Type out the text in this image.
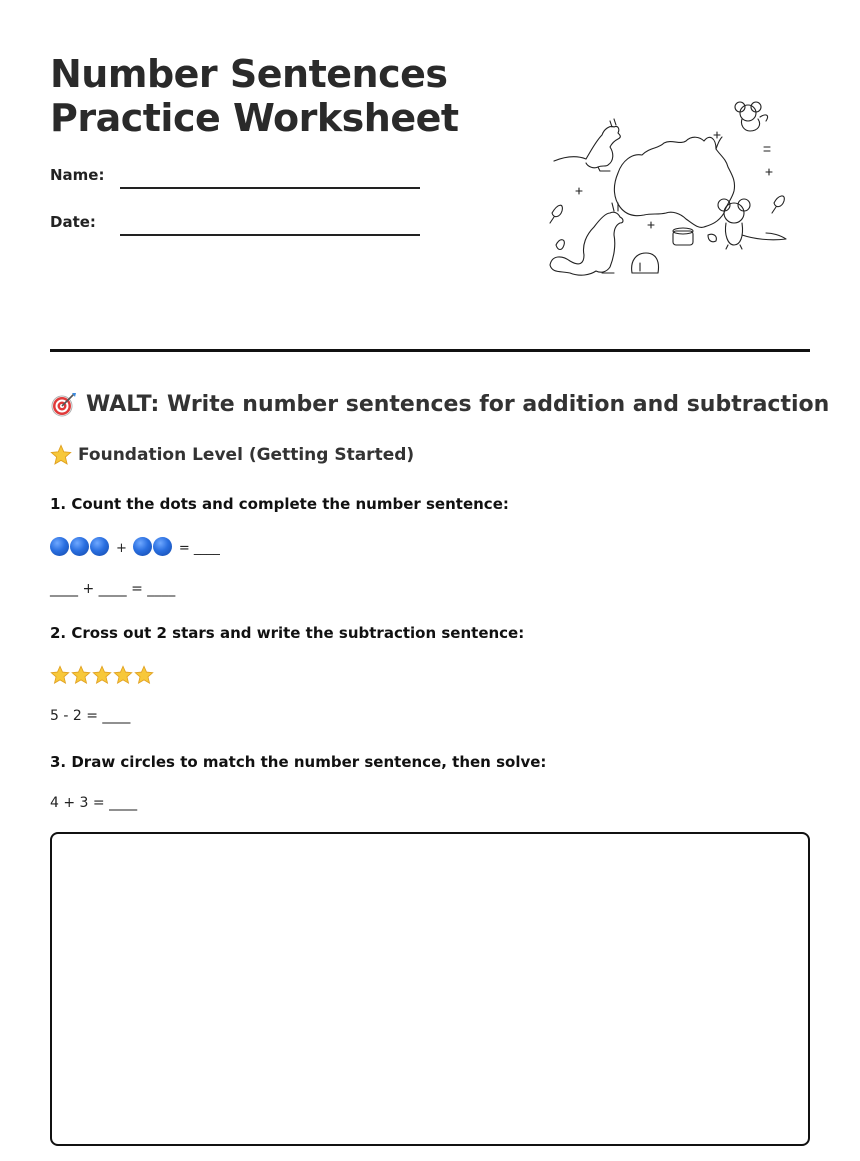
Number Sentences
Practice Worksheet
Name:
Date:
WALT: Write number sentences for addition and subtraction
Foundation Level (Getting Started)
1. Count the dots and complete the number sentence:
+	= ____
____ + ____ = ____
2. Cross out 2 stars and write the subtraction sentence:
5 - 2 = ____
3. Draw circles to match the number sentence, then solve:
4 + 3 = ____
